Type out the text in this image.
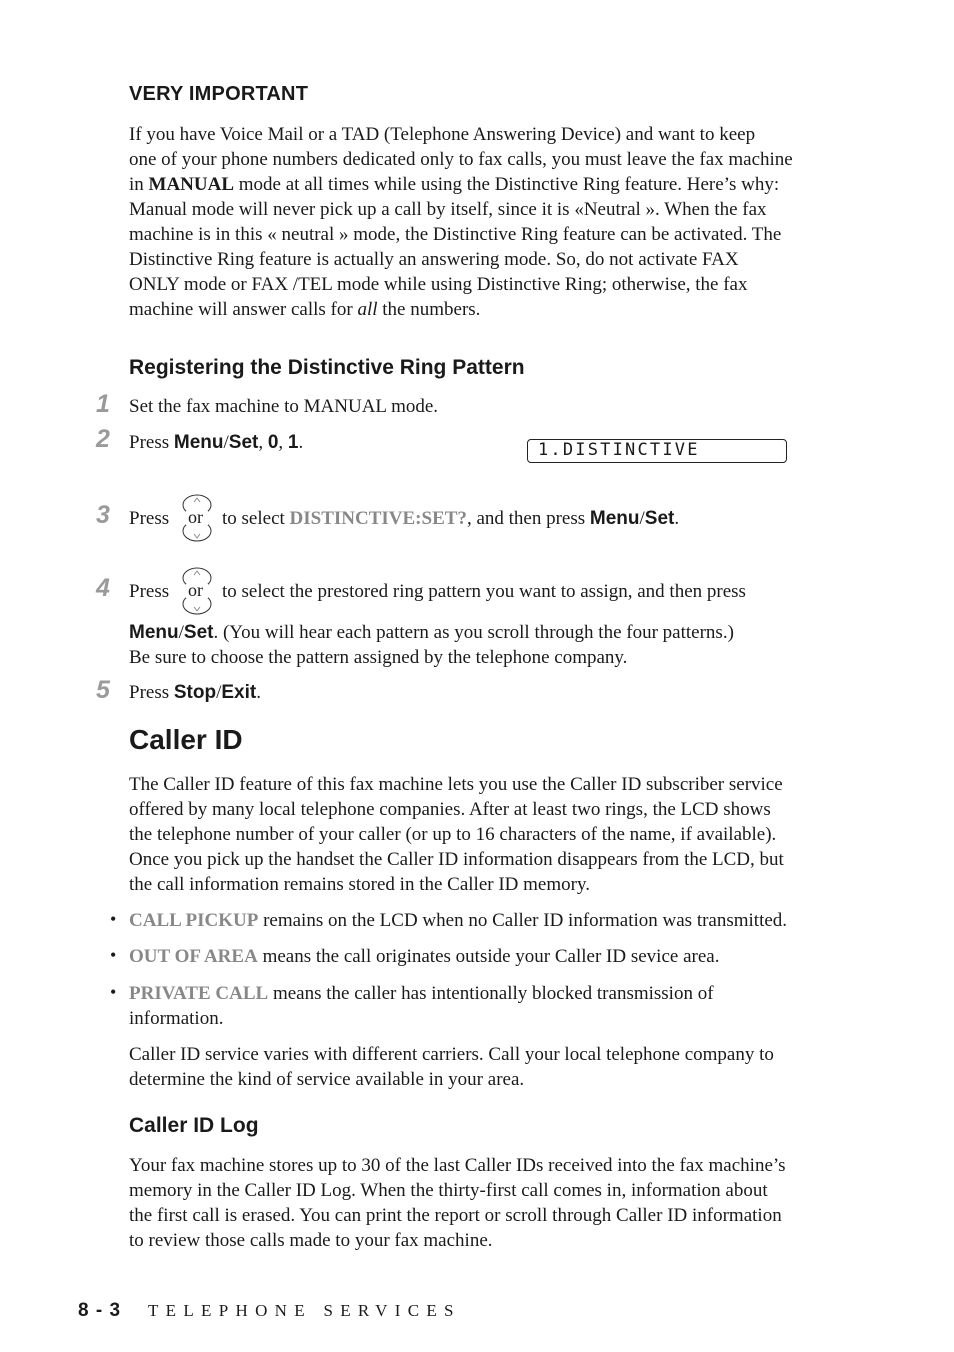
VERY IMPORTANT
If you have Voice Mail or a TAD (Telephone Answering Device) and want to keep
one of your phone numbers dedicated only to fax calls, you must leave the fax machine
in MANUAL mode at all times while using the Distinctive Ring feature. Here’s why:
Manual mode will never pick up a call by itself, since it is «Neutral ». When the fax
machine is in this « neutral » mode, the Distinctive Ring feature can be activated. The
Distinctive Ring feature is actually an answering mode. So, do not activate FAX
ONLY mode or FAX /TEL mode while using Distinctive Ring; otherwise, the fax
machine will answer calls for all the numbers.
Registering the Distinctive Ring Pattern
1 Set the fax machine to MANUAL mode.
2 Press Menu/Set, 0, 1.	1.DISTINCTIVE
3 Press or to select DISTINCTIVE:SET?, and then press Menu/Set.
4 Press or to select the prestored ring pattern you want to assign, and then press
Menu/Set. (You will hear each pattern as you scroll through the four patterns.)
Be sure to choose the pattern assigned by the telephone company.
5 Press Stop/Exit.
Caller ID
The Caller ID feature of this fax machine lets you use the Caller ID subscriber service
offered by many local telephone companies. After at least two rings, the LCD shows
the telephone number of your caller (or up to 16 characters of the name, if available).
Once you pick up the handset the Caller ID information disappears from the LCD, but
the call information remains stored in the Caller ID memory.
• CALL PICKUP remains on the LCD when no Caller ID information was transmitted.
• OUT OF AREA means the call originates outside your Caller ID sevice area.
• PRIVATE CALL means the caller has intentionally blocked transmission of
information.
Caller ID service varies with different carriers. Call your local telephone company to
determine the kind of service available in your area.
Caller ID Log
Your fax machine stores up to 30 of the last Caller IDs received into the fax machine’s
memory in the Caller ID Log. When the thirty-first call comes in, information about
the first call is erased. You can print the report or scroll through Caller ID information
to review those calls made to your fax machine.
8 - 3 TELEPHONE SERVICES
